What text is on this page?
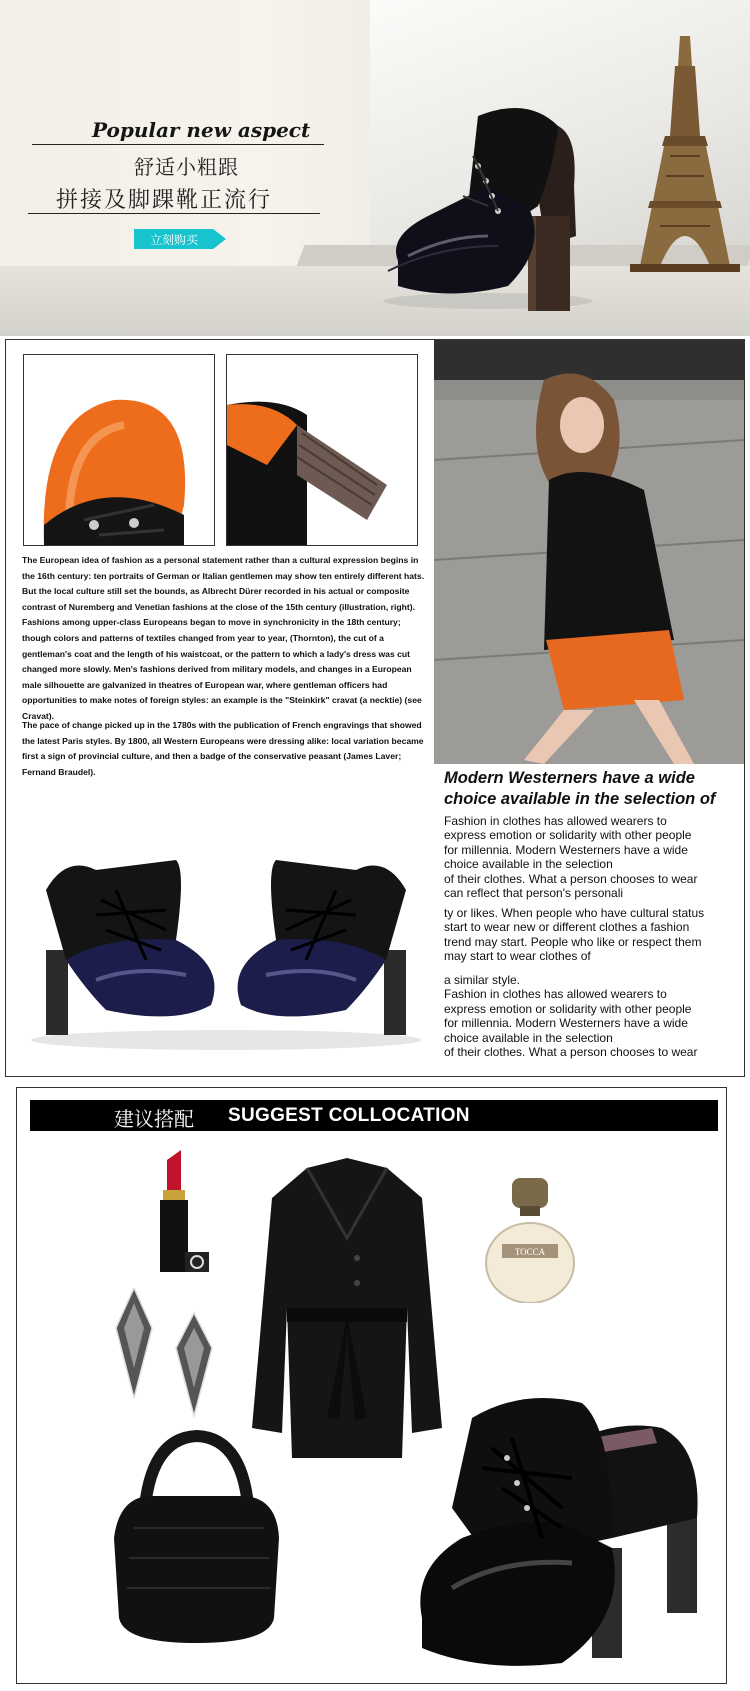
Popular new aspect
舒适小粗跟
拼接及脚踝靴正流行
立刻购买
The European idea of fashion as a personal statement rather than a cultural expression begins in the 16th century: ten portraits of German or Italian gentlemen may show ten entirely different hats. But the local culture still set the bounds, as Albrecht Dürer recorded in his actual or composite contrast of Nuremberg and Venetian fashions at the close of the 15th century (illustration, right). Fashions among upper-class Europeans began to move in synchronicity in the 18th century; though colors and patterns of textiles changed from year to year, (Thornton), the cut of a gentleman's coat and the length of his waistcoat, or the pattern to which a lady's dress was cut changed more slowly. Men's fashions derived from military models, and changes in a European male silhouette are galvanized in theatres of European war, where gentleman officers had opportunities to make notes of foreign styles: an example is the "Steinkirk" cravat (a necktie) (see Cravat).
The pace of change picked up in the 1780s with the publication of French engravings that showed the latest Paris styles. By 1800, all Western Europeans were dressing alike: local variation became first a sign of provincial culture, and then a badge of the conservative peasant (James Laver; Fernand Braudel).	Modern Westerners have a wide choice available in the selection of
Fashion in clothes has allowed wearers to
express emotion or solidarity with other people
for millennia. Modern Westerners have a wide
choice available in the selection
of their clothes. What a person chooses to wear
can reflect that person's personali
ty or likes. When people who have cultural status
start to wear new or different clothes a fashion
trend may start. People who like or respect them
may start to wear clothes of
a similar style.
Fashion in clothes has allowed wearers to
express emotion or solidarity with other people
for millennia. Modern Westerners have a wide
choice available in the selection
of their clothes. What a person chooses to wear
建议搭配 SUGGEST COLLOCATION
TOCCA
